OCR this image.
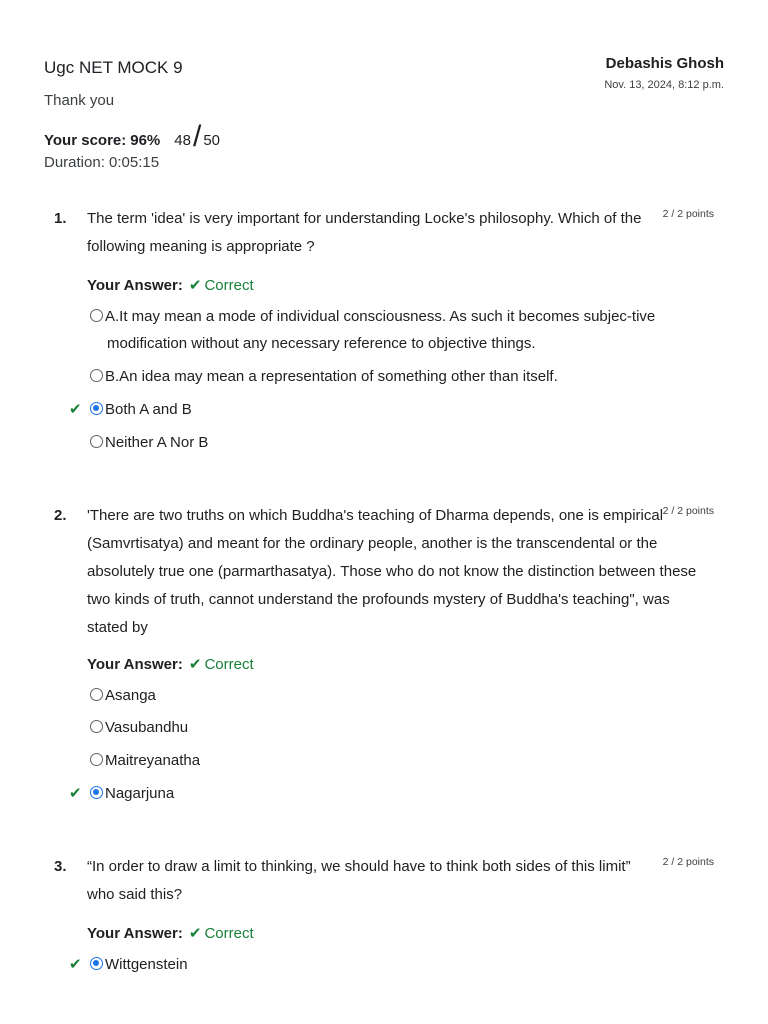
Ugc NET MOCK 9	Debashis Ghosh
Nov. 13, 2024, 8:12 p.m.
Thank you
Your score: 96% 48 / 50
Duration: 0:05:15
1. The term 'idea' is very important for understanding Locke's philosophy. Which of the following meaning is appropriate ?
2 / 2 points
Your Answer: ✔ Correct
A.It may mean a mode of individual consciousness. As such it becomes subjec-tive
modification without any necessary reference to objective things.
B.An idea may mean a representation of something other than itself.
✔ Both A and B
Neither A Nor B
2. 'There are two truths on which Buddha's teaching of Dharma depends, one is empirical (Samvrtisatya) and meant for the ordinary people, another is the transcendental or the absolutely true one (parmarthasatya). Those who do not know the distinction between these two kinds of truth, cannot understand the profounds mystery of Buddha's teaching", was stated by
2 / 2 points
Your Answer: ✔ Correct
Asanga
Vasubandhu
Maitreyanatha
✔ Nagarjuna
3. “In order to draw a limit to thinking, we should have to think both sides of this limit” who said this?
2 / 2 points
Your Answer: ✔ Correct
✔ Wittgenstein
